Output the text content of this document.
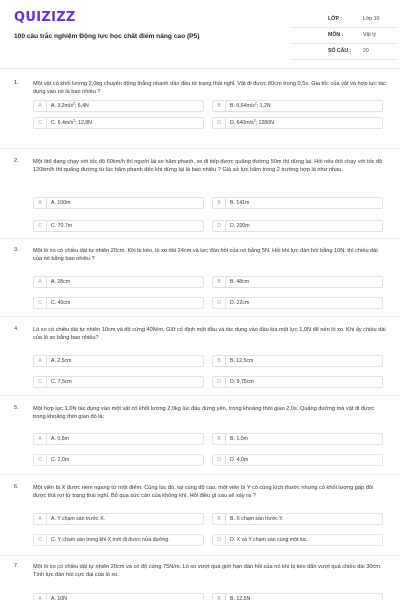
QUIZIZZ
100 câu trắc nghiệm Động lực học chất điểm nâng cao (P5)
LỚP :	Lớp 10
MÔN :	Vật lý
SỐ CÂU : 20
1.	Một vật có khối lượng 2,0kg chuyển động thẳng nhanh dần đều từ trạng thái nghỉ. Vật đi được 80cm trong 0,5s. Gia tốc của vật và hợp lực tác dụng vào nó là bao nhiêu ?
A	A. $3,2m/s^2$; 6,4N	B	B. $0,64m/s^2$; 1,2N
C	C. $6,4m/s^2$; 12,8N	D	D. $640m/s^2$; 1280N
2.	Một ôtô đang chạy với tốc độ 60km/h thì người lái xe hãm phanh, xe đi tiếp được quãng đường 50m thì dừng lại. Hỏi nếu ôtô chạy với tốc độ 120km/h thì quãng đường từ lúc hãm phanh đến khi dừng lại là bao nhiêu ? Giả sử lực hãm trong 2 trường hợp là như nhau.
A	A. 100m	B	B. 141m
C	C. 70,7m	D	D. 200m
3.	Một lò xo có chiều dài tự nhiên 20cm. Khi bị kéo, lò xo dài 24cm và lực đàn hồi của nó bằng 5N. Hỏi khi lực đàn hồi bằng 10N, thì chiều dài của nó bằng bao nhiêu ?
A	A. 28cm	B	B. 48cm
C	C. 40cm	D	D. 22cm
4.	Lò xo có chiều dài tự nhiên 10cm và độ cứng 40N/m. Giữ cố định một đầu và tác dụng vào đầu kia một lực 1,0N để nén lò xo. Khi ấy chiều dài của lò xo bằng bao nhiêu?
A	A. 2,5cm	B	B. 12,5cm
C	C. 7,5cm	D	D. 9,75cm
5.	Một hợp lực 1,0N tác dụng vào một vật có khối lượng 2,0kg lúc đầu đứng yên, trong khoảng thời gian 2,0s. Quãng đường mà vật đi được trong khoảng thời gian đó là:
A	A. 0,5m	B	B. 1,0m
C	C. 2,0m	D	D. 4,0m
6.	Một viên bi X được ném ngang từ một điểm. Cùng lúc đó, tại cùng độ cao, một viên bi Y có cùng kích thước nhưng có khối lượng gấp đôi được thả rơi từ trạng thái nghỉ. Bỏ qua sức cản của không khí. Hỏi điều gì sau sẽ xảy ra ?
A	A. Y chạm sàn trước X.	B	B. X chạm sàn trước Y.
C	C. Y chạm sàn trong khi X mới đi được nửa đường.	D	D. X và Y chạm sàn cùng một lúc.
7.	Một lò xo có chiều dài tự nhiên 20cm và có độ cứng 75N/m. Lò xo vượt quá giới hạn đàn hồi của nó khi bị kéo dãn vượt quá chiều dài 30cm. Tính lực đàn hồi cực đại của lò xo.
A	A. 10N	B	B. 12,5N
